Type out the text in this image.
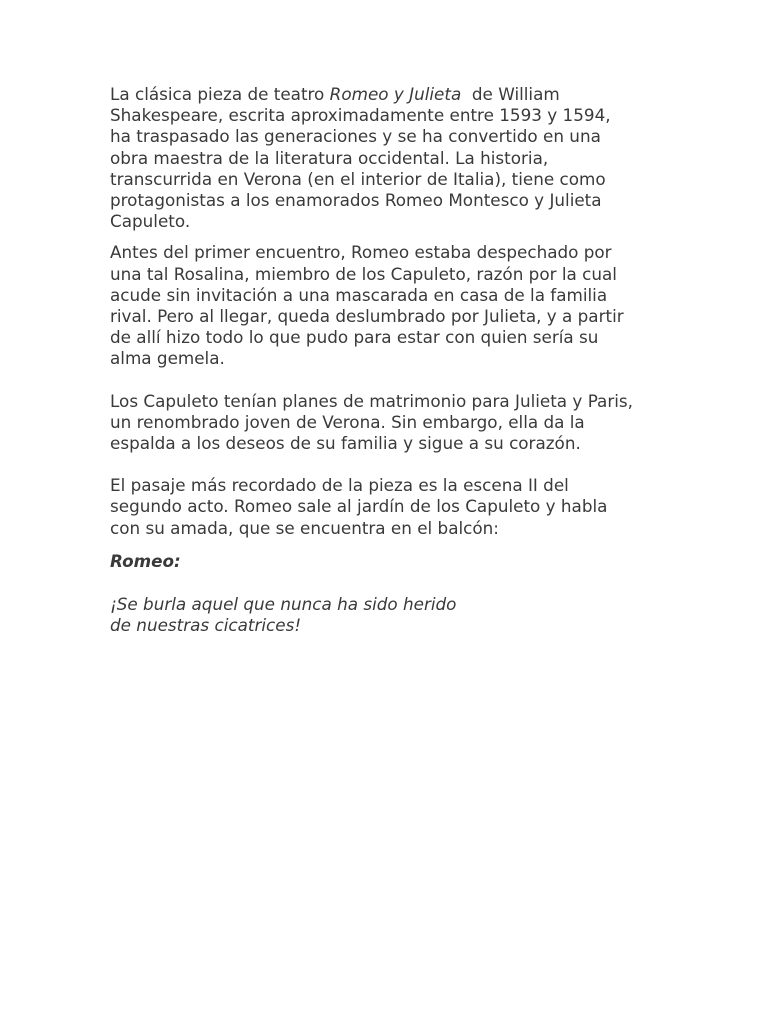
La clásica pieza de teatro Romeo y Julieta  de William
Shakespeare, escrita aproximadamente entre 1593 y 1594,
ha traspasado las generaciones y se ha convertido en una
obra maestra de la literatura occidental. La historia,
transcurrida en Verona (en el interior de Italia), tiene como
protagonistas a los enamorados Romeo Montesco y Julieta
Capuleto.

Antes del primer encuentro, Romeo estaba despechado por
una tal Rosalina, miembro de los Capuleto, razón por la cual
acude sin invitación a una mascarada en casa de la familia
rival. Pero al llegar, queda deslumbrado por Julieta, y a partir
de allí hizo todo lo que pudo para estar con quien sería su
alma gemela.

Los Capuleto tenían planes de matrimonio para Julieta y Paris,
un renombrado joven de Verona. Sin embargo, ella da la
espalda a los deseos de su familia y sigue a su corazón.

El pasaje más recordado de la pieza es la escena II del
segundo acto. Romeo sale al jardín de los Capuleto y habla
con su amada, que se encuentra en el balcón:

Romeo:

¡Se burla aquel que nunca ha sido herido
de nuestras cicatrices!
